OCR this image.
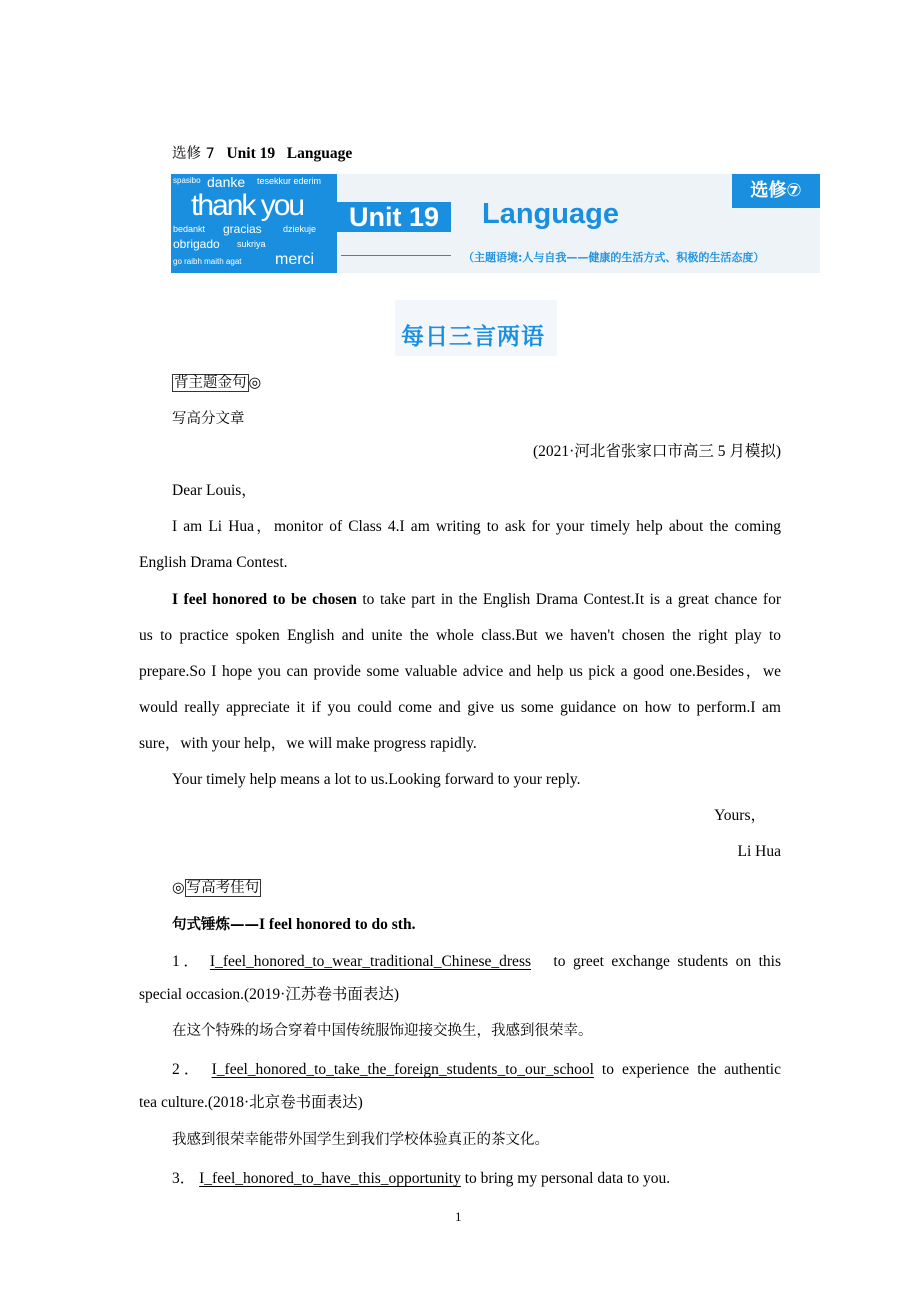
选修 7 Unit 19 Language
spasibo danke tesekkur ederim
thank you
bedankt gracias dziekuje
obrigado sukriya
go raibh maith agat merci
Unit 19	Language
选修⑦
（主题语境:人与自我——健康的生活方式、积极的生活态度）
每日三言两语
背主题金句 ◎
写高分文章
(2021·河北省张家口市高三 5 月模拟)
Dear Louis，
I am Li Hua，monitor of Class 4.I am writing to ask for your timely help about the coming
English Drama Contest.
I feel honored to be chosen to take part in the English Drama Contest.It is a great chance for
us to practice spoken English and unite the whole class.But we haven't chosen the right play to
prepare.So I hope you can provide some valuable advice and help us pick a good one.Besides，we
would really appreciate it if you could come and give us some guidance on how to perform.I am
sure，with your help，we will make progress rapidly.
Your timely help means a lot to us.Looking forward to your reply.
Yours，
Li Hua
◎ 写高考佳句
句式锤炼——I feel honored to do sth.
1． I_feel_honored_to_wear_traditional_Chinese_dress to greet exchange students on this
special occasion.(2019·江苏卷书面表达)
在这个特殊的场合穿着中国传统服饰迎接交换生，我感到很荣幸。
2． I_feel_honored_to_take_the_foreign_students_to_our_school to experience the authentic
tea culture.(2018·北京卷书面表达)
我感到很荣幸能带外国学生到我们学校体验真正的茶文化。
3． I_feel_honored_to_have_this_opportunity to bring my personal data to you.
1
